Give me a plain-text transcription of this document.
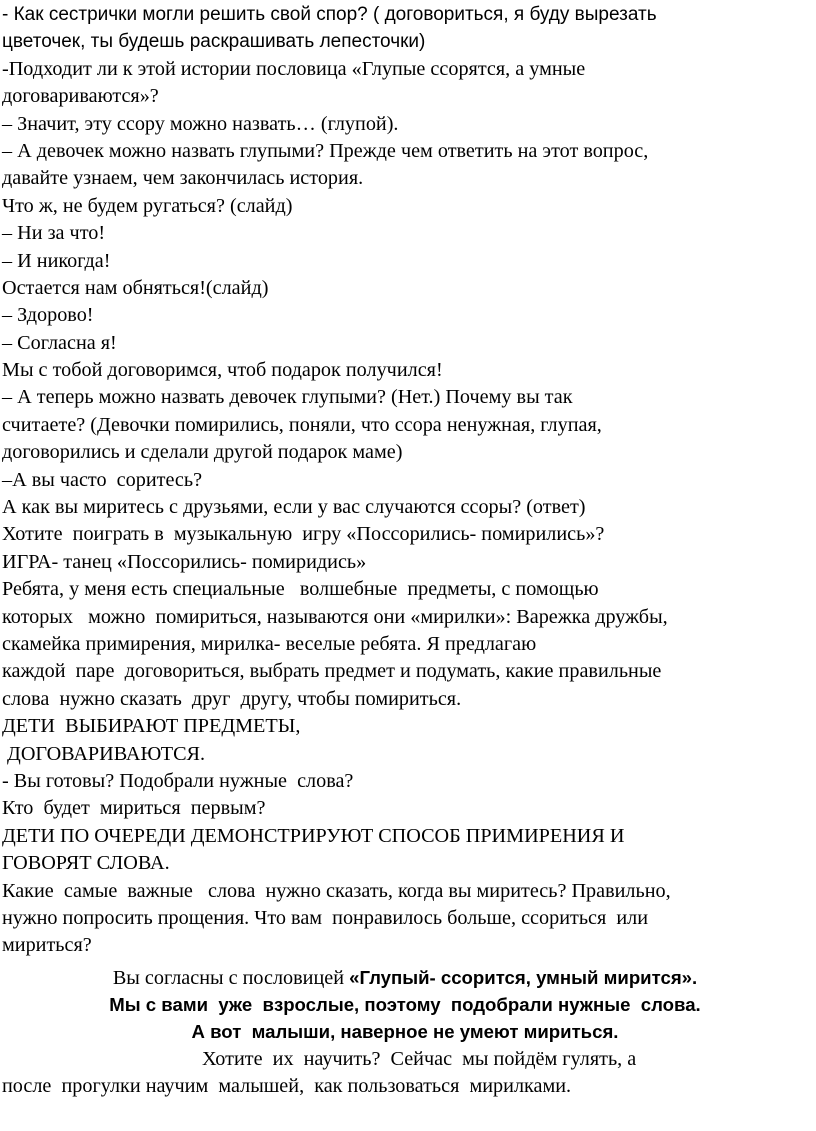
- Как сестрички могли решить свой спор? ( договориться, я буду вырезать
цветочек, ты будешь раскрашивать лепесточки)
-Подходит ли к этой истории пословица «Глупые ссорятся, а умные
договариваются»?
– Значит, эту ссору можно назвать… (глупой).
– А девочек можно назвать глупыми? Прежде чем ответить на этот вопрос,
давайте узнаем, чем закончилась история.
Что ж, не будем ругаться? (слайд)
– Ни за что!
– И никогда!
Остается нам обняться!(слайд)
– Здорово!
– Согласна я!
Мы с тобой договоримся, чтоб подарок получился!
– А теперь можно назвать девочек глупыми? (Нет.) Почему вы так
считаете? (Девочки помирились, поняли, что ссора ненужная, глупая,
договорились и сделали другой подарок маме)
–А вы часто  соритесь?
А как вы миритесь с друзьями, если у вас случаются ссоры? (ответ)
Хотите  поиграть в  музыкальную  игру «Поссорились- помирились»?
ИГРА- танец «Поссорились- помиридись»
Ребята, у меня есть специальные   волшебные  предметы, с помощью
которых   можно  помириться, называются они «мирилки»: Варежка дружбы,
скамейка примирения, мирилка- веселые ребята. Я предлагаю
каждой  паре  договориться, выбрать предмет и подумать, какие правильные
слова  нужно сказать  друг  другу, чтобы помириться.
ДЕТИ  ВЫБИРАЮТ ПРЕДМЕТЫ,
ДОГОВАРИВАЮТСЯ.
- Вы готовы? Подобрали нужные  слова?
Кто  будет  мириться  первым?
ДЕТИ ПО ОЧЕРЕДИ ДЕМОНСТРИРУЮТ СПОСОБ ПРИМИРЕНИЯ И
ГОВОРЯТ СЛОВА.
Какие  самые  важные   слова  нужно сказать, когда вы миритесь? Правильно,
нужно попросить прощения. Что вам  понравилось больше, ссориться  или
мириться?
Вы согласны с пословицей «Глупый- ссорится, умный мирится».
Мы с вами  уже  взрослые, поэтому  подобрали нужные  слова.
А вот  малыши, наверное не умеют мириться.
Хотите  их  научить?  Сейчас  мы пойдём гулять, а
после  прогулки научим  малышей,  как пользоваться  мирилками.
